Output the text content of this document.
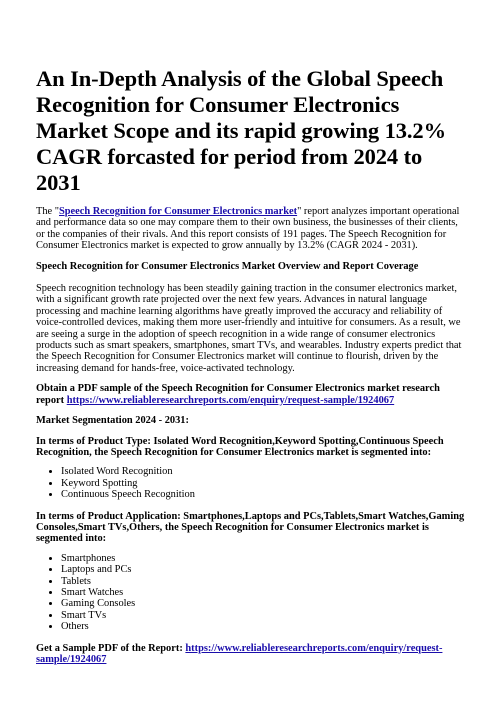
An In-Depth Analysis of the Global Speech Recognition for Consumer Electronics Market Scope and its rapid growing 13.2% CAGR forcasted for period from 2024 to 2031

The "Speech Recognition for Consumer Electronics market" report analyzes important operational and performance data so one may compare them to their own business, the businesses of their clients, or the companies of their rivals. And this report consists of 191 pages. The Speech Recognition for Consumer Electronics market is expected to grow annually by 13.2% (CAGR 2024 - 2031).

Speech Recognition for Consumer Electronics Market Overview and Report Coverage

Speech recognition technology has been steadily gaining traction in the consumer electronics market, with a significant growth rate projected over the next few years. Advances in natural language processing and machine learning algorithms have greatly improved the accuracy and reliability of voice-controlled devices, making them more user-friendly and intuitive for consumers. As a result, we are seeing a surge in the adoption of speech recognition in a wide range of consumer electronics products such as smart speakers, smartphones, smart TVs, and wearables. Industry experts predict that the Speech Recognition for Consumer Electronics market will continue to flourish, driven by the increasing demand for hands-free, voice-activated technology.

Obtain a PDF sample of the Speech Recognition for Consumer Electronics market research report https://www.reliableresearchreports.com/enquiry/request-sample/1924067

Market Segmentation 2024 - 2031:

In terms of Product Type: Isolated Word Recognition,Keyword Spotting,Continuous Speech Recognition, the Speech Recognition for Consumer Electronics market is segmented into:

• Isolated Word Recognition
• Keyword Spotting
• Continuous Speech Recognition

In terms of Product Application: Smartphones,Laptops and PCs,Tablets,Smart Watches,Gaming Consoles,Smart TVs,Others, the Speech Recognition for Consumer Electronics market is segmented into:

• Smartphones
• Laptops and PCs
• Tablets
• Smart Watches
• Gaming Consoles
• Smart TVs
• Others

Get a Sample PDF of the Report: https://www.reliableresearchreports.com/enquiry/request-sample/1924067
